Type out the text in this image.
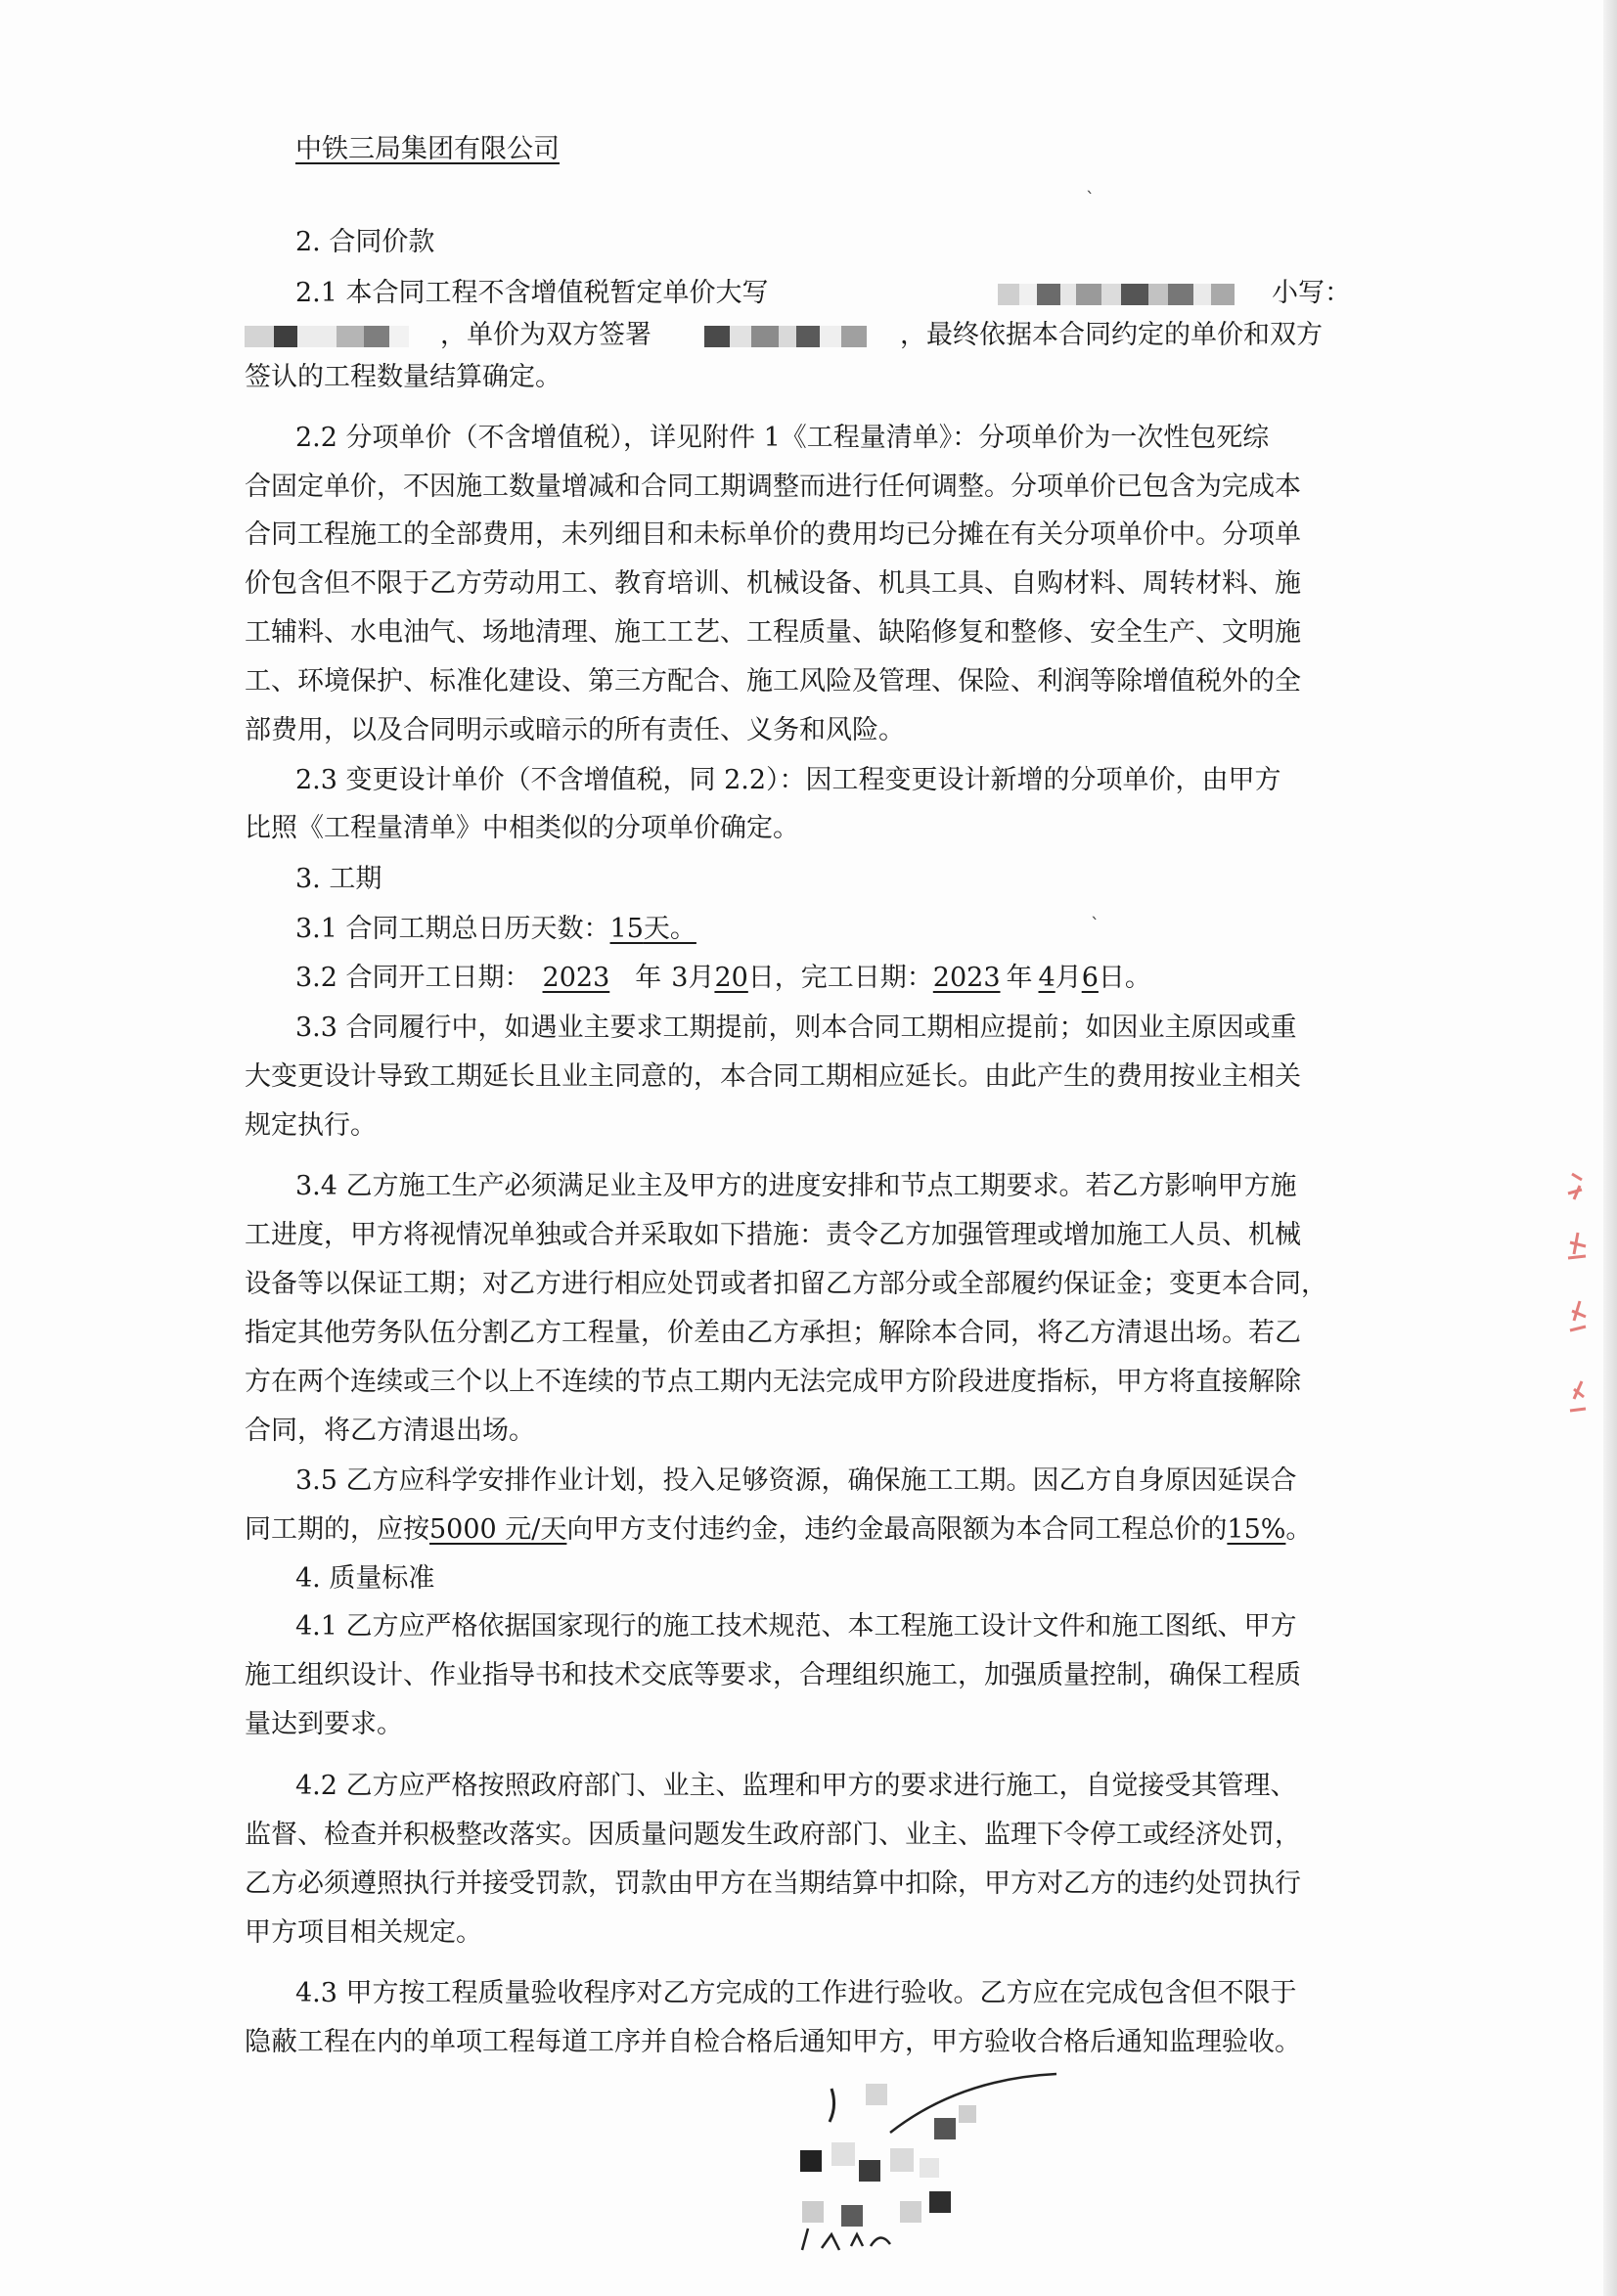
中铁三局集团有限公司
2. 合同价款
2.1 本合同工程不含增值税暂定单价大写	小写：
，单价为双方签署	，最终依据本合同约定的单价和双方
签认的工程数量结算确定。
2.2 分项单价（不含增值税），详见附件 1《工程量清单》：分项单价为一次性包死综
合固定单价，不因施工数量增减和合同工期调整而进行任何调整。分项单价已包含为完成本
合同工程施工的全部费用，未列细目和未标单价的费用均已分摊在有关分项单价中。分项单
价包含但不限于乙方劳动用工、教育培训、机械设备、机具工具、自购材料、周转材料、施
工辅料、水电油气、场地清理、施工工艺、工程质量、缺陷修复和整修、安全生产、文明施
工、环境保护、标准化建设、第三方配合、施工风险及管理、保险、利润等除增值税外的全
部费用，以及合同明示或暗示的所有责任、义务和风险。
2.3 变更设计单价（不含增值税，同 2.2）：因工程变更设计新增的分项单价，由甲方
比照《工程量清单》中相类似的分项单价确定。
3. 工期
3.1 合同工期总日历天数：15天。
3.2 合同开工日期： 2023 年 3月20日，完工日期：2023 年 4月6日。
3.3 合同履行中，如遇业主要求工期提前，则本合同工期相应提前；如因业主原因或重
大变更设计导致工期延长且业主同意的，本合同工期相应延长。由此产生的费用按业主相关
规定执行。
3.4 乙方施工生产必须满足业主及甲方的进度安排和节点工期要求。若乙方影响甲方施
工进度，甲方将视情况单独或合并采取如下措施：责令乙方加强管理或增加施工人员、机械
设备等以保证工期；对乙方进行相应处罚或者扣留乙方部分或全部履约保证金；变更本合同，
指定其他劳务队伍分割乙方工程量，价差由乙方承担；解除本合同，将乙方清退出场。若乙
方在两个连续或三个以上不连续的节点工期内无法完成甲方阶段进度指标，甲方将直接解除
合同，将乙方清退出场。
3.5 乙方应科学安排作业计划，投入足够资源，确保施工工期。因乙方自身原因延误合
同工期的，应按5000 元/天向甲方支付违约金，违约金最高限额为本合同工程总价的15%。
4. 质量标准
4.1 乙方应严格依据国家现行的施工技术规范、本工程施工设计文件和施工图纸、甲方
施工组织设计、作业指导书和技术交底等要求，合理组织施工，加强质量控制，确保工程质
量达到要求。
4.2 乙方应严格按照政府部门、业主、监理和甲方的要求进行施工，自觉接受其管理、
监督、检查并积极整改落实。因质量问题发生政府部门、业主、监理下令停工或经济处罚，
乙方必须遵照执行并接受罚款，罚款由甲方在当期结算中扣除，甲方对乙方的违约处罚执行
甲方项目相关规定。
4.3 甲方按工程质量验收程序对乙方完成的工作进行验收。乙方应在完成包含但不限于
隐蔽工程在内的单项工程每道工序并自检合格后通知甲方，甲方验收合格后通知监理验收。
ˎ
ˎ
